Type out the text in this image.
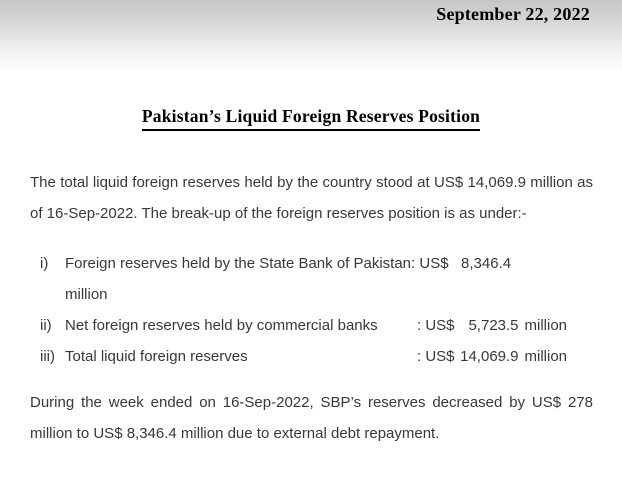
September 22, 2022
Pakistan’s Liquid Foreign Reserves Position

The total liquid foreign reserves held by the country stood at US$ 14,069.9 million as of 16-Sep-2022. The break-up of the foreign reserves position is as under:-

i)	Foreign reserves held by the State Bank of Pakistan: US$   8,346.4
million
ii) Net foreign reserves held by commercial banks	: US$ 5,723.5 million
iii) Total liquid foreign reserves	: US$ 14,069.9 million

During the week ended on 16-Sep-2022, SBP’s reserves decreased by US$ 278 million to US$ 8,346.4 million due to external debt repayment.
